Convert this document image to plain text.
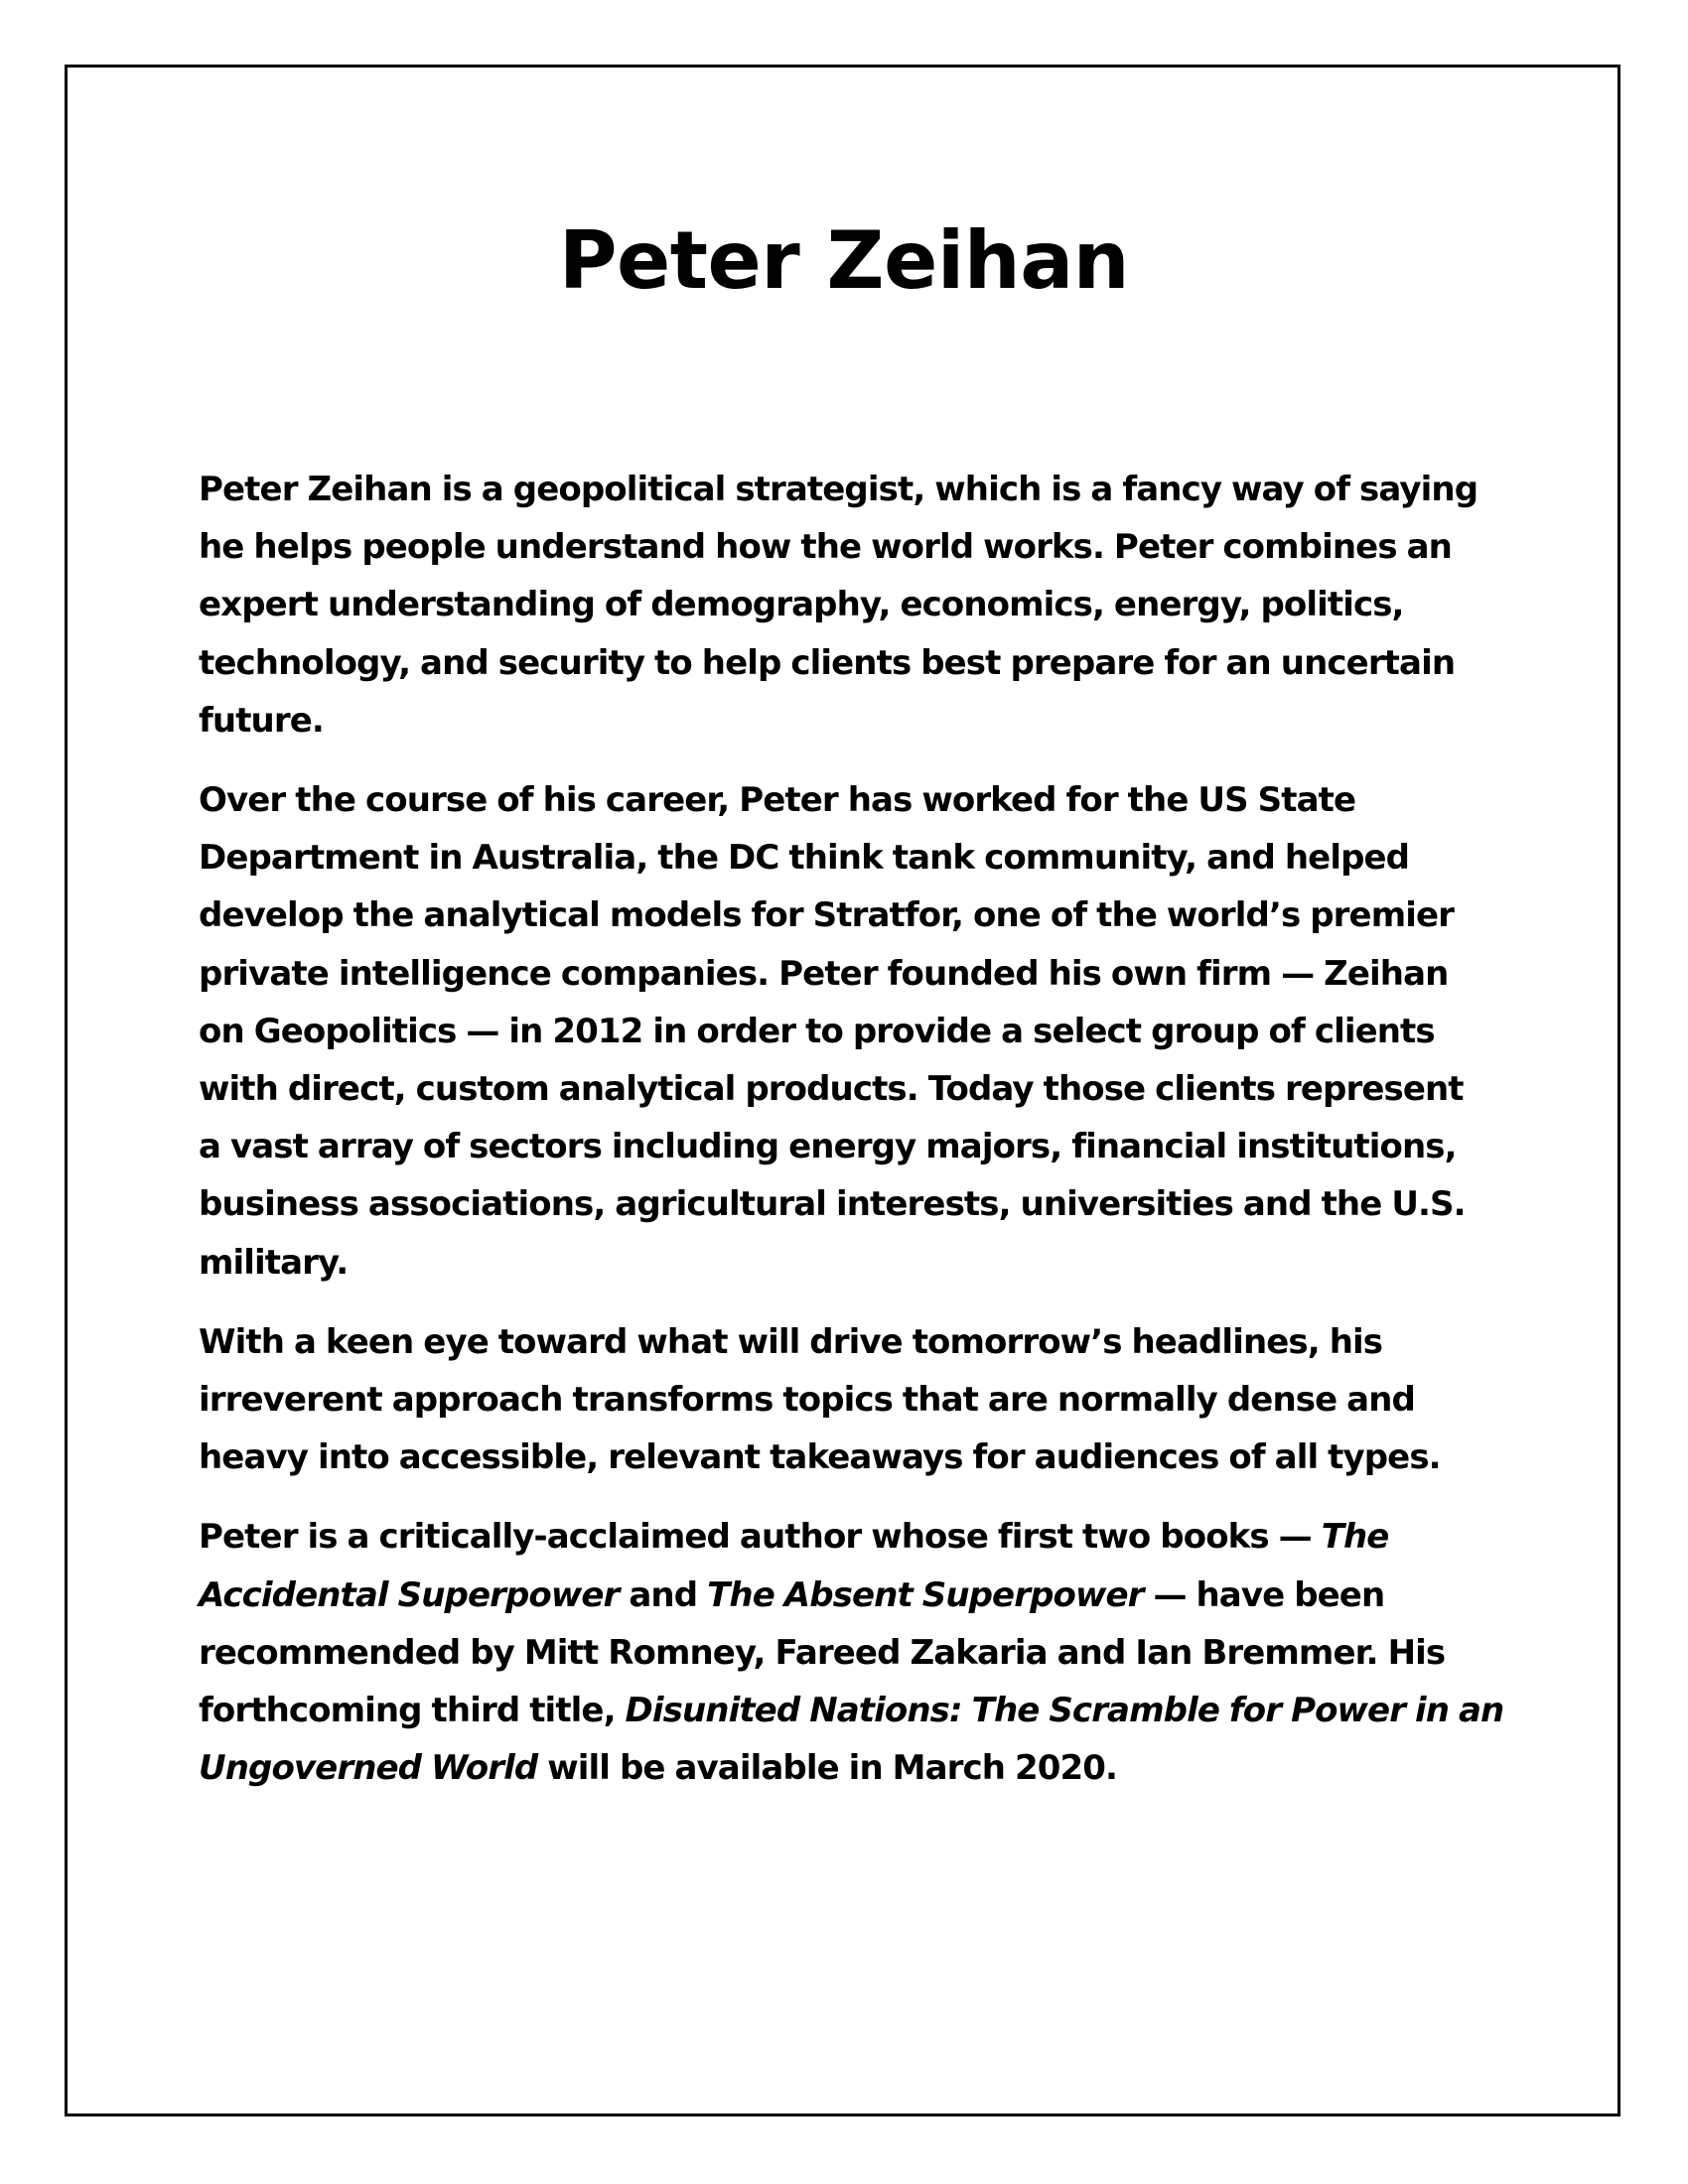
Peter Zeihan

Peter Zeihan is a geopolitical strategist, which is a fancy way of saying
he helps people understand how the world works. Peter combines an
expert understanding of demography, economics, energy, politics,
technology, and security to help clients best prepare for an uncertain
future.

Over the course of his career, Peter has worked for the US State
Department in Australia, the DC think tank community, and helped
develop the analytical models for Stratfor, one of the world’s premier
private intelligence companies. Peter founded his own firm — Zeihan
on Geopolitics — in 2012 in order to provide a select group of clients
with direct, custom analytical products. Today those clients represent
a vast array of sectors including energy majors, financial institutions,
business associations, agricultural interests, universities and the U.S.
military.

With a keen eye toward what will drive tomorrow’s headlines, his
irreverent approach transforms topics that are normally dense and
heavy into accessible, relevant takeaways for audiences of all types.

Peter is a critically-acclaimed author whose first two books — The Accidental Superpower and The Absent Superpower — have been recommended by Mitt Romney, Fareed Zakaria and Ian Bremmer. His forthcoming third title, Disunited Nations: The Scramble for Power in an Ungoverned World will be available in March 2020.
